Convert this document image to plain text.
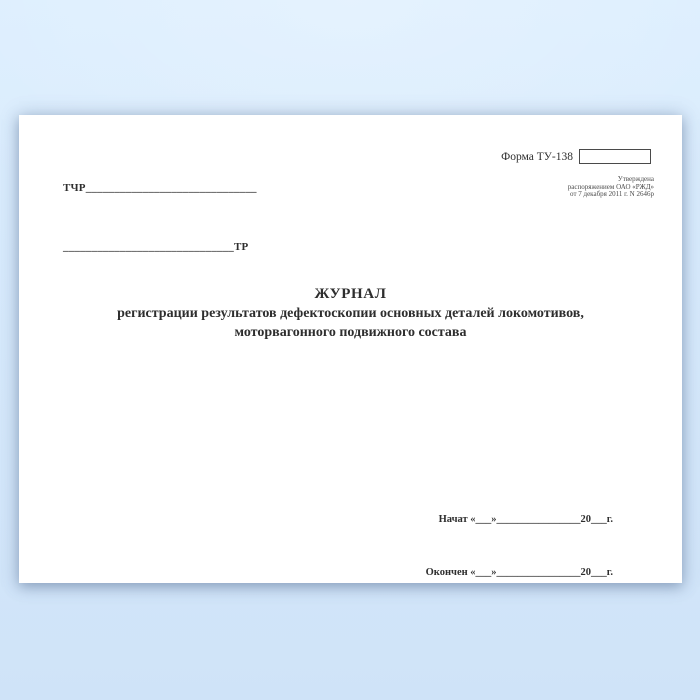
ТЧР______________________________

______________________________ТР

Форма ТУ-138
Утверждена
распоряжением ОАО «РЖД»
от 7 декабря 2011 г. N 2646р
ЖУРНАЛ
регистрации результатов дефектоскопии основных деталей локомотивов,
моторвагонного подвижного состава

Начат «___»________________20___г.

Окончен «___»________________20___г.
